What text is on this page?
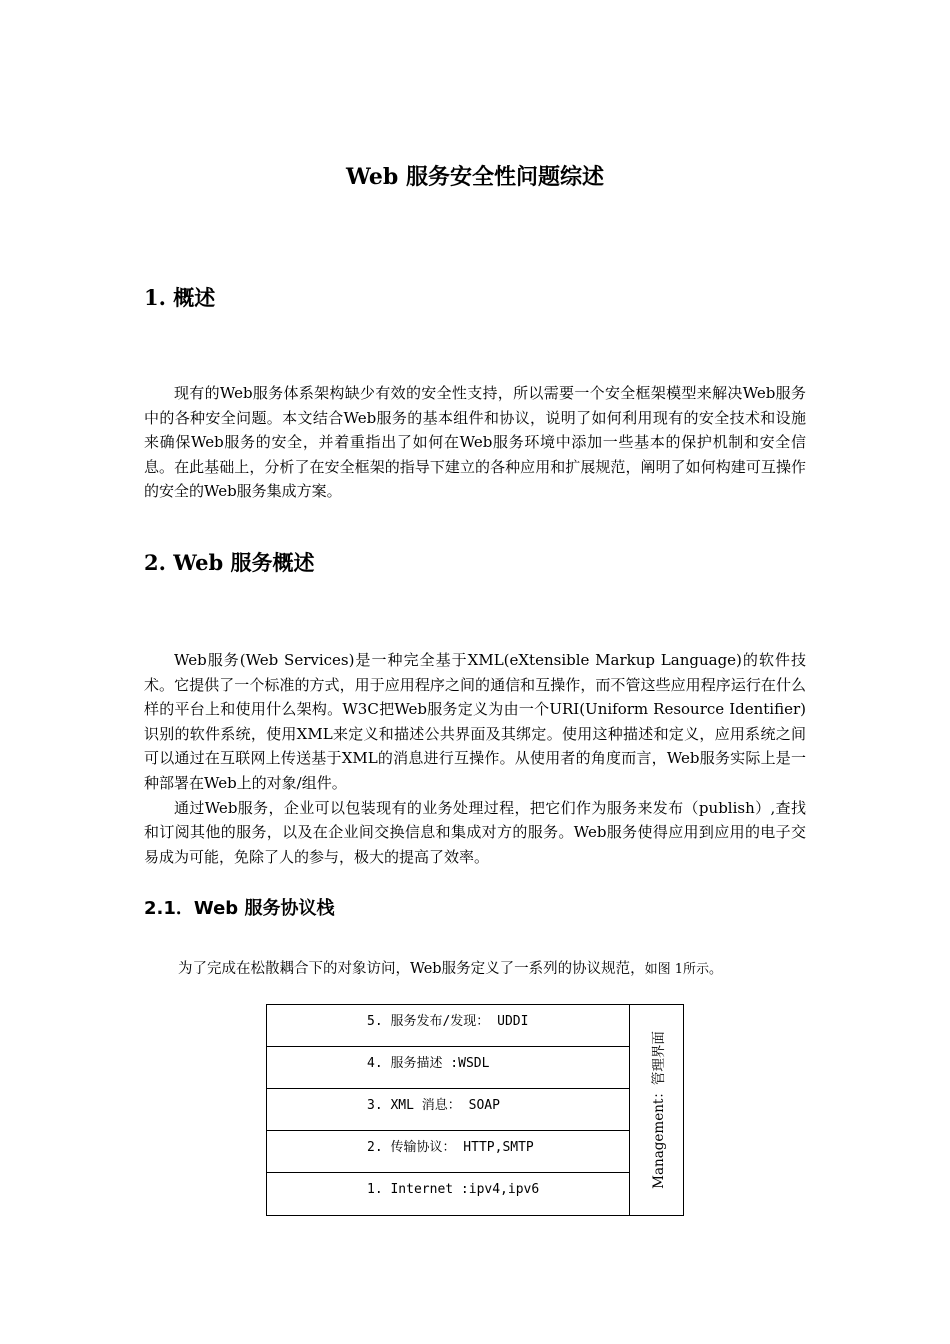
Web 服务安全性问题综述
1. 概述

现有的Web服务体系架构缺少有效的安全性支持，所以需要一个安全框架模型来解决Web服务中的各种安全问题。本文结合Web服务的基本组件和协议，说明了如何利用现有的安全技术和设施来确保Web服务的安全，并着重指出了如何在Web服务环境中添加一些基本的保护机制和安全信息。在此基础上，分析了在安全框架的指导下建立的各种应用和扩展规范，阐明了如何构建可互操作的安全的Web服务集成方案。

2. Web 服务概述

Web服务(Web Services)是一种完全基于XML(eXtensible Markup Language)的软件技术。它提供了一个标准的方式，用于应用程序之间的通信和互操作，而不管这些应用程序运行在什么样的平台上和使用什么架构。W3C把Web服务定义为由一个URI(Uniform Resource Identifier)识别的软件系统，使用XML来定义和描述公共界面及其绑定。使用这种描述和定义，应用系统之间可以通过在互联网上传送基于XML的消息进行互操作。从使用者的角度而言，Web服务实际上是一种部署在Web上的对象/组件。

通过Web服务，企业可以包装现有的业务处理过程，把它们作为服务来发布（publish）,查找和订阅其他的服务，以及在企业间交换信息和集成对方的服务。Web服务使得应用到应用的电子交易成为可能，免除了人的参与，极大的提高了效率。

2.1．Web 服务协议栈
为了完成在松散耦合下的对象访问，Web服务定义了一系列的协议规范，如图 1所示。
5. 服务发布/发现： UDDI
4. 服务描述 :WSDL
3. XML 消息： SOAP
2. 传输协议： HTTP,SMTP
1. Internet :ipv4,ipv6
Management：管理界面
